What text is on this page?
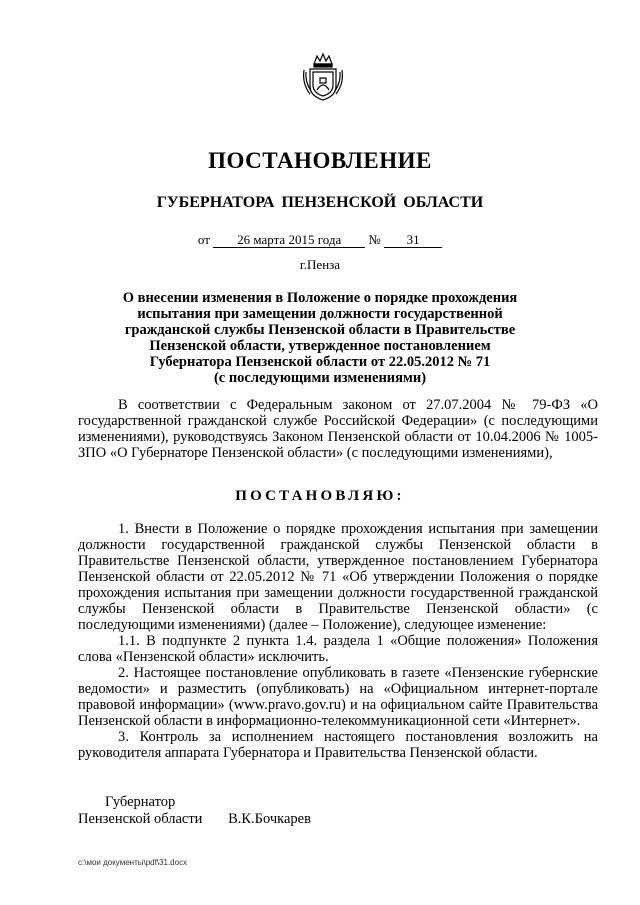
ПОСТАНОВЛЕНИЕ
ГУБЕРНАТОРА ПЕНЗЕНСКОЙ ОБЛАСТИ
от 26 марта 2015 года № 31
г.Пенза
О внесении изменения в Положение о порядке прохождения
испытания при замещении должности государственной
гражданской службы Пензенской области в Правительстве
Пензенской области, утвержденное постановлением
Губернатора Пензенской области от 22.05.2012 № 71
(с последующими изменениями)

В соответствии с Федеральным законом от 27.07.2004 № 79-ФЗ «О государственной гражданской службе Российской Федерации» (с последующими изменениями), руководствуясь Законом Пензенской области от 10.04.2006 № 1005-ЗПО «О Губернаторе Пензенской области» (с последующими изменениями),

ПОСТАНОВЛЯЮ:

1. Внести в Положение о порядке прохождения испытания при замещении должности государственной гражданской службы Пензенской области в Правительстве Пензенской области, утвержденное постановлением Губернатора Пензенской области от 22.05.2012 № 71 «Об утверждении Положения о порядке прохождения испытания при замещении должности государственной гражданской службы Пензенской области в Правительстве Пензенской области» (с последующими изменениями) (далее – Положение), следующее изменение:

1.1. В подпункте 2 пункта 1.4. раздела 1 «Общие положения» Положения слова «Пензенской области» исключить.

2. Настоящее постановление опубликовать в газете «Пензенские губернские ведомости» и разместить (опубликовать) на «Официальном интернет-портале правовой информации» (www.pravo.gov.ru) и на официальном сайте Правительства Пензенской области в информационно-телекоммуникационной сети «Интернет».

3. Контроль за исполнением настоящего постановления возложить на руководителя аппарата Губернатора и Правительства Пензенской области.

Губернатор
Пензенской области В.К.Бочкарев
c:\мои документы\pdf\31.docx
